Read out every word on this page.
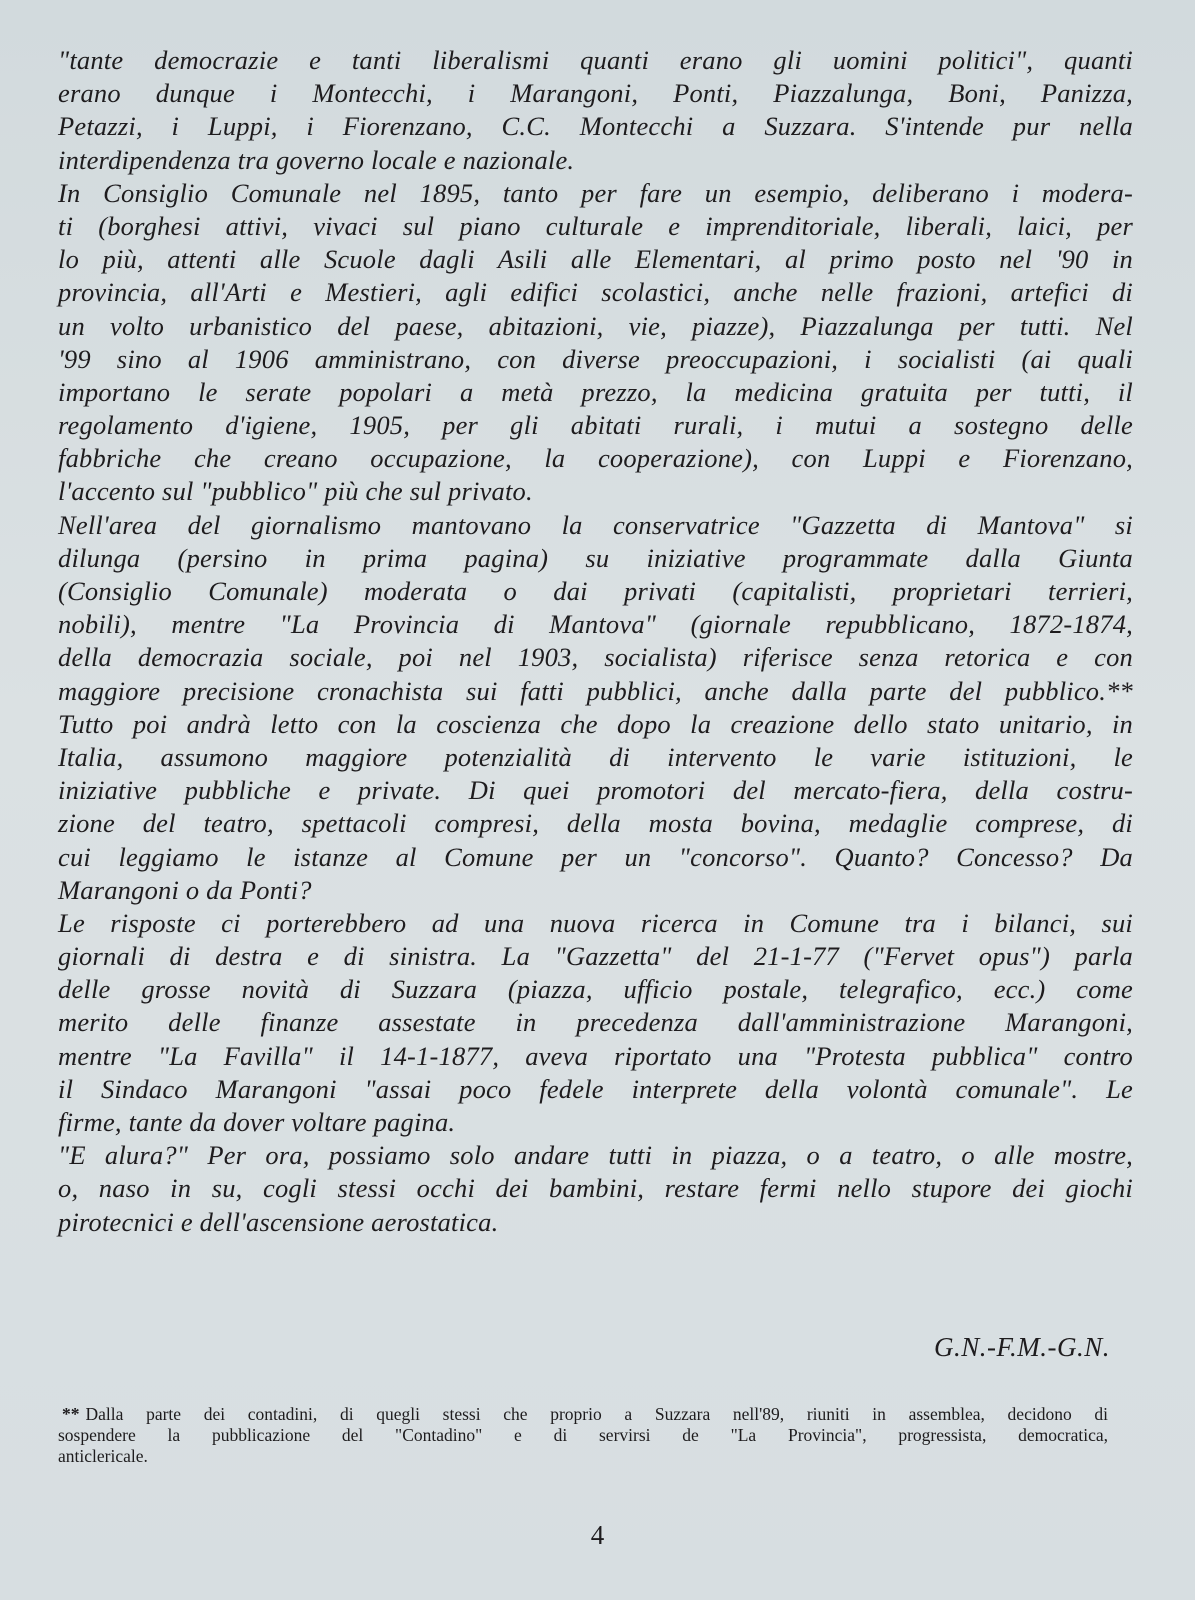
"tante democrazie e tanti liberalismi quanti erano gli uomini politici", quanti
erano dunque i Montecchi, i Marangoni, Ponti, Piazzalunga, Boni, Panizza,
Petazzi, i Luppi, i Fiorenzano, C.C. Montecchi a Suzzara. S'intende pur nella
interdipendenza tra governo locale e nazionale.
In Consiglio Comunale nel 1895, tanto per fare un esempio, deliberano i modera-
ti (borghesi attivi, vivaci sul piano culturale e imprenditoriale, liberali, laici, per
lo più, attenti alle Scuole dagli Asili alle Elementari, al primo posto nel '90 in
provincia, all'Arti e Mestieri, agli edifici scolastici, anche nelle frazioni, artefici di
un volto urbanistico del paese, abitazioni, vie, piazze), Piazzalunga per tutti. Nel
'99 sino al 1906 amministrano, con diverse preoccupazioni, i socialisti (ai quali
importano le serate popolari a metà prezzo, la medicina gratuita per tutti, il
regolamento d'igiene, 1905, per gli abitati rurali, i mutui a sostegno delle
fabbriche che creano occupazione, la cooperazione), con Luppi e Fiorenzano,
l'accento sul "pubblico" più che sul privato.
Nell'area del giornalismo mantovano la conservatrice "Gazzetta di Mantova" si
dilunga (persino in prima pagina) su iniziative programmate dalla Giunta
(Consiglio Comunale) moderata o dai privati (capitalisti, proprietari terrieri,
nobili), mentre "La Provincia di Mantova" (giornale repubblicano, 1872-1874,
della democrazia sociale, poi nel 1903, socialista) riferisce senza retorica e con
maggiore precisione cronachista sui fatti pubblici, anche dalla parte del pubblico.**
Tutto poi andrà letto con la coscienza che dopo la creazione dello stato unitario, in
Italia, assumono maggiore potenzialità di intervento le varie istituzioni, le
iniziative pubbliche e private. Di quei promotori del mercato-fiera, della costru-
zione del teatro, spettacoli compresi, della mosta bovina, medaglie comprese, di
cui leggiamo le istanze al Comune per un "concorso". Quanto? Concesso? Da
Marangoni o da Ponti?
Le risposte ci porterebbero ad una nuova ricerca in Comune tra i bilanci, sui
giornali di destra e di sinistra. La "Gazzetta" del 21-1-77 ("Fervet opus") parla
delle grosse novità di Suzzara (piazza, ufficio postale, telegrafico, ecc.) come
merito delle finanze assestate in precedenza dall'amministrazione Marangoni,
mentre "La Favilla" il 14-1-1877, aveva riportato una "Protesta pubblica" contro
il Sindaco Marangoni "assai poco fedele interprete della volontà comunale". Le
firme, tante da dover voltare pagina.
"E alura?" Per ora, possiamo solo andare tutti in piazza, o a teatro, o alle mostre,
o, naso in su, cogli stessi occhi dei bambini, restare fermi nello stupore dei giochi
pirotecnici e dell'ascensione aerostatica.
G.N.-F.M.-G.N.
** Dalla parte dei contadini, di quegli stessi che proprio a Suzzara nell'89, riuniti in assemblea, decidono di
sospendere la pubblicazione del "Contadino" e di servirsi de "La Provincia", progressista, democratica,
anticlericale.
4
